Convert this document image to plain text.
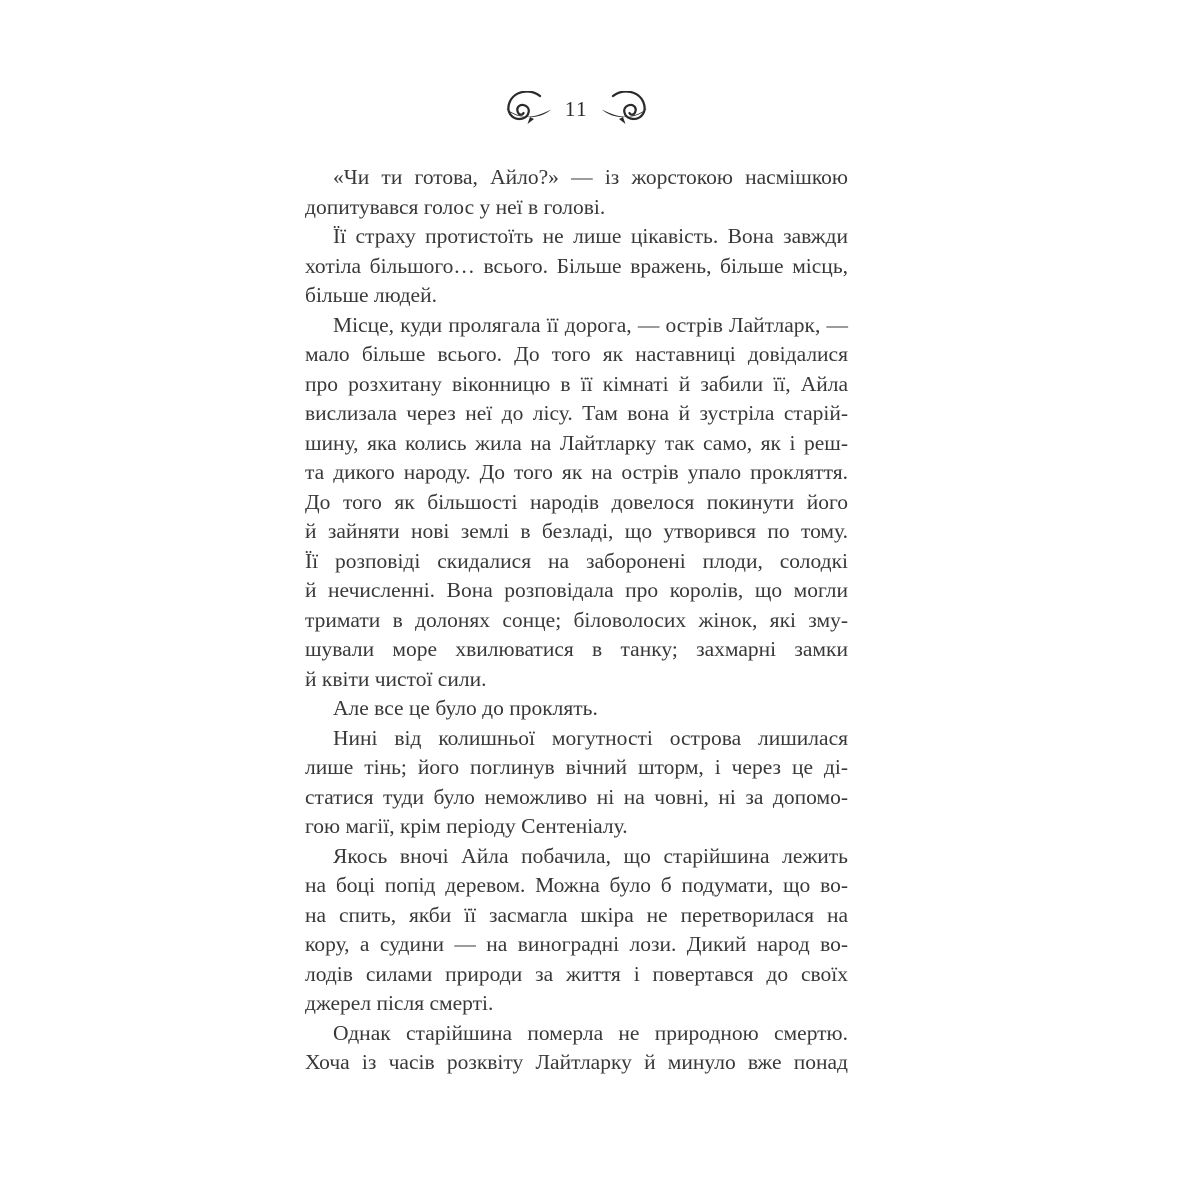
11

«Чи ти готова, Айло?» — із жорстокою насмішкою
допитувався голос у неї в голові.

Її страху протистоїть не лише цікавість. Вона завжди
хотіла більшого… всього. Більше вражень, більше місць,
більше людей.

Місце, куди пролягала її дорога, — острів Лайтларк, —
мало більше всього. До того як наставниці довідалися
про розхитану віконницю в її кімнаті й забили її, Айла
вислизала через неї до лісу. Там вона й зустріла старій-
шину, яка колись жила на Лайтларку так само, як і реш-
та дикого народу. До того як на острів упало прокляття.
До того як більшості народів довелося покинути його
й зайняти нові землі в безладі, що утворився по тому.
Її розповіді скидалися на заборонені плоди, солодкі
й нечисленні. Вона розповідала про королів, що могли
тримати в долонях сонце; біловолосих жінок, які зму-
шували море хвилюватися в танку; захмарні замки
й квіти чистої сили.

Але все це було до проклять.

Нині від колишньої могутності острова лишилася
лише тінь; його поглинув вічний шторм, і через це ді-
статися туди було неможливо ні на човні, ні за допомо-
гою магії, крім періоду Сентеніалу.

Якось вночі Айла побачила, що старійшина лежить
на боці попід деревом. Можна було б подумати, що во-
на спить, якби її засмагла шкіра не перетворилася на
кору, а судини — на виноградні лози. Дикий народ во-
лодів силами природи за життя і повертався до своїх
джерел після смерті.

Однак старійшина померла не природною смертю.
Хоча із часів розквіту Лайтларку й минуло вже понад
